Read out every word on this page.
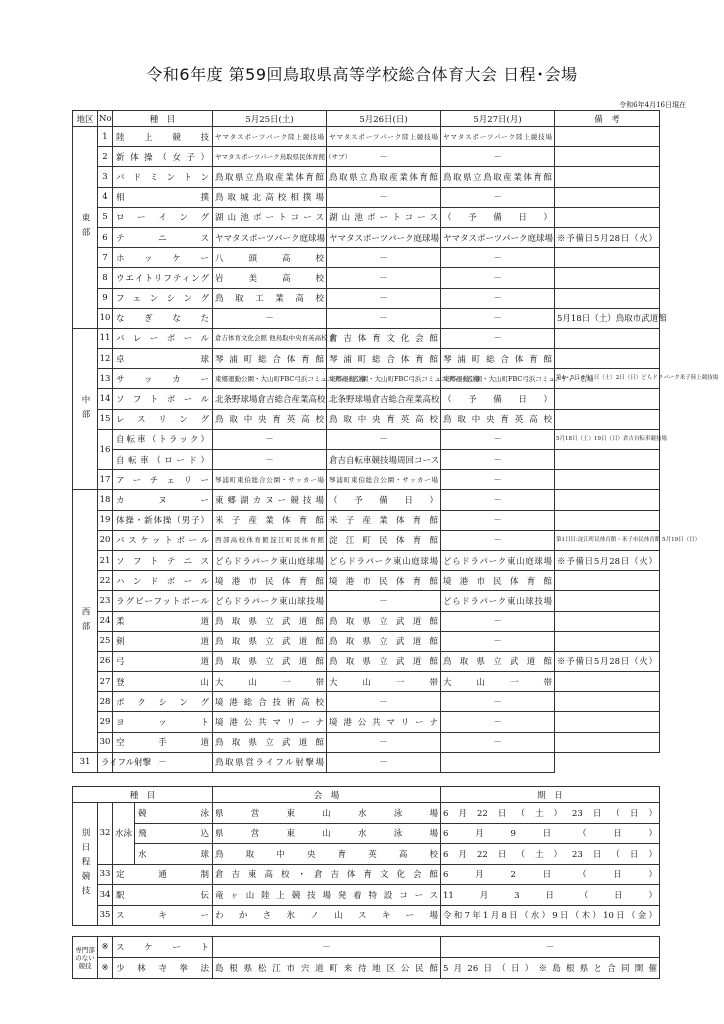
令和6年度 第59回鳥取県高等学校総合体育大会 日程･会場
令和6年4月16日現在
地区	No	種　目	5月25日(土)	5月26日(日)	5月27日(月)	備　考
東部	1	陸上競技	ヤマタスポーツパーク陸上競技場	ヤマタスポーツパーク陸上競技場	ヤマタスポーツパーク陸上競技場	
	2	新体操（女子）	ヤマタスポーツパーク鳥取県民体育館（サブ）	－	－	
	3	バドミントン	鳥取県立鳥取産業体育館	鳥取県立鳥取産業体育館	鳥取県立鳥取産業体育館	
	4	相撲	鳥取城北高校相撲場	－	－	
	5	ローイング	湖山池ボートコース	湖山池ボートコース	（予備日）	
	6	テニス	ヤマタスポーツパーク庭球場	ヤマタスポーツパーク庭球場	ヤマタスポーツパーク庭球場	※予備日5月28日（火）
	7	ホッケー	八頭高校	－	－	
	8	ウエイトリフティング	岩美高校	－	－	
	9	フェンシング	鳥取工業高校	－	－	
	10	なぎなた	－	－	－	5月18日（土）鳥取市武道館
中部	11	バレーボール	倉吉体育文化会館 他鳥取中央育英高校 他	倉吉体育文化会館	－	
	12	卓球	琴浦町総合体育館	琴浦町総合体育館	琴浦町総合体育館	
	13	サッカー	東郷運動公園・大山町FBC弓浜コミュニティー広場	東郷運動公園・大山町FBC弓浜コミュニティー広場	東郷運動公園・大山町FBC弓浜コミュニティー広場	第4・5日 6月1日（土）2日（日）どらドラパーク米子陸上競技場
	14	ソフトボール	北条野球場倉吉総合産業高校	北条野球場倉吉総合産業高校	（予備日）	
	15	レスリング	鳥取中央育英高校	鳥取中央育英高校	鳥取中央育英高校	
	16	自転車（トラック）	－	－	－	5月18日（土）19日（日）倉吉自転車競技場
		自転車（ロード）	－	倉吉自転車競技場周回コース	－	
	17	アーチェリー	琴浦町東伯総合公園・サッカー場	琴浦町東伯総合公園・サッカー場	－	
西部	18	カヌー	東郷湖カヌー競技場	（予備日）	－	
	19	体操・新体操（男子）	米子産業体育館	米子産業体育館	－	
	20	バスケットボール	西部高校体育館淀江町民体育館	淀江町民体育館	－	第1日目:淀江町民体育館・米子市民体育館 5月19日（日）
	21	ソフトテニス	どらドラパーク東山庭球場	どらドラパーク東山庭球場	どらドラパーク東山庭球場	※予備日5月28日（火）
	22	ハンドボール	境港市民体育館	境港市民体育館	境港市民体育館	
	23	ラグビーフットボール	どらドラパーク東山球技場	－	どらドラパーク東山球技場	
	24	柔道	鳥取県立武道館	鳥取県立武道館	－	
	25	剣道	鳥取県立武道館	鳥取県立武道館	－	
	26	弓道	鳥取県立武道館	鳥取県立武道館	鳥取県立武道館	※予備日5月28日（火）
	27	登山	大山一帯	大山一帯	大山一帯	
	28	ボクシング	境港総合技術高校	－	－	
	29	ヨット	境港公共マリーナ	境港公共マリーナ	－	
	30	空手道	鳥取県立武道館	－	－	
31	ライフル射撃	－	鳥取県営ライフル射撃場	－		
種　目				会　場	期　日
別日程競技	32	水泳	競泳	県営東山水泳場	6月22日（土）23日（日）
			飛込	県営東山水泳場	6月9日（日）
			水球	鳥取中央育英高校	6月22日（土）23日（日）
	33	定通制		倉吉東高校・倉吉体育文化会館	6月2日（日）
	34	駅伝		竜ヶ山陸上競技場発着特設コース	11月3日（日）
	35	スキー		わかさ氷ノ山スキー場	令和7年1月8日（水）9日（木）10日（金）
専門部のない競技	※	スケート	－	－
	※	少林寺拳法	島根県松江市宍道町来待地区公民館	5月26日（日）※島根県と合同開催
